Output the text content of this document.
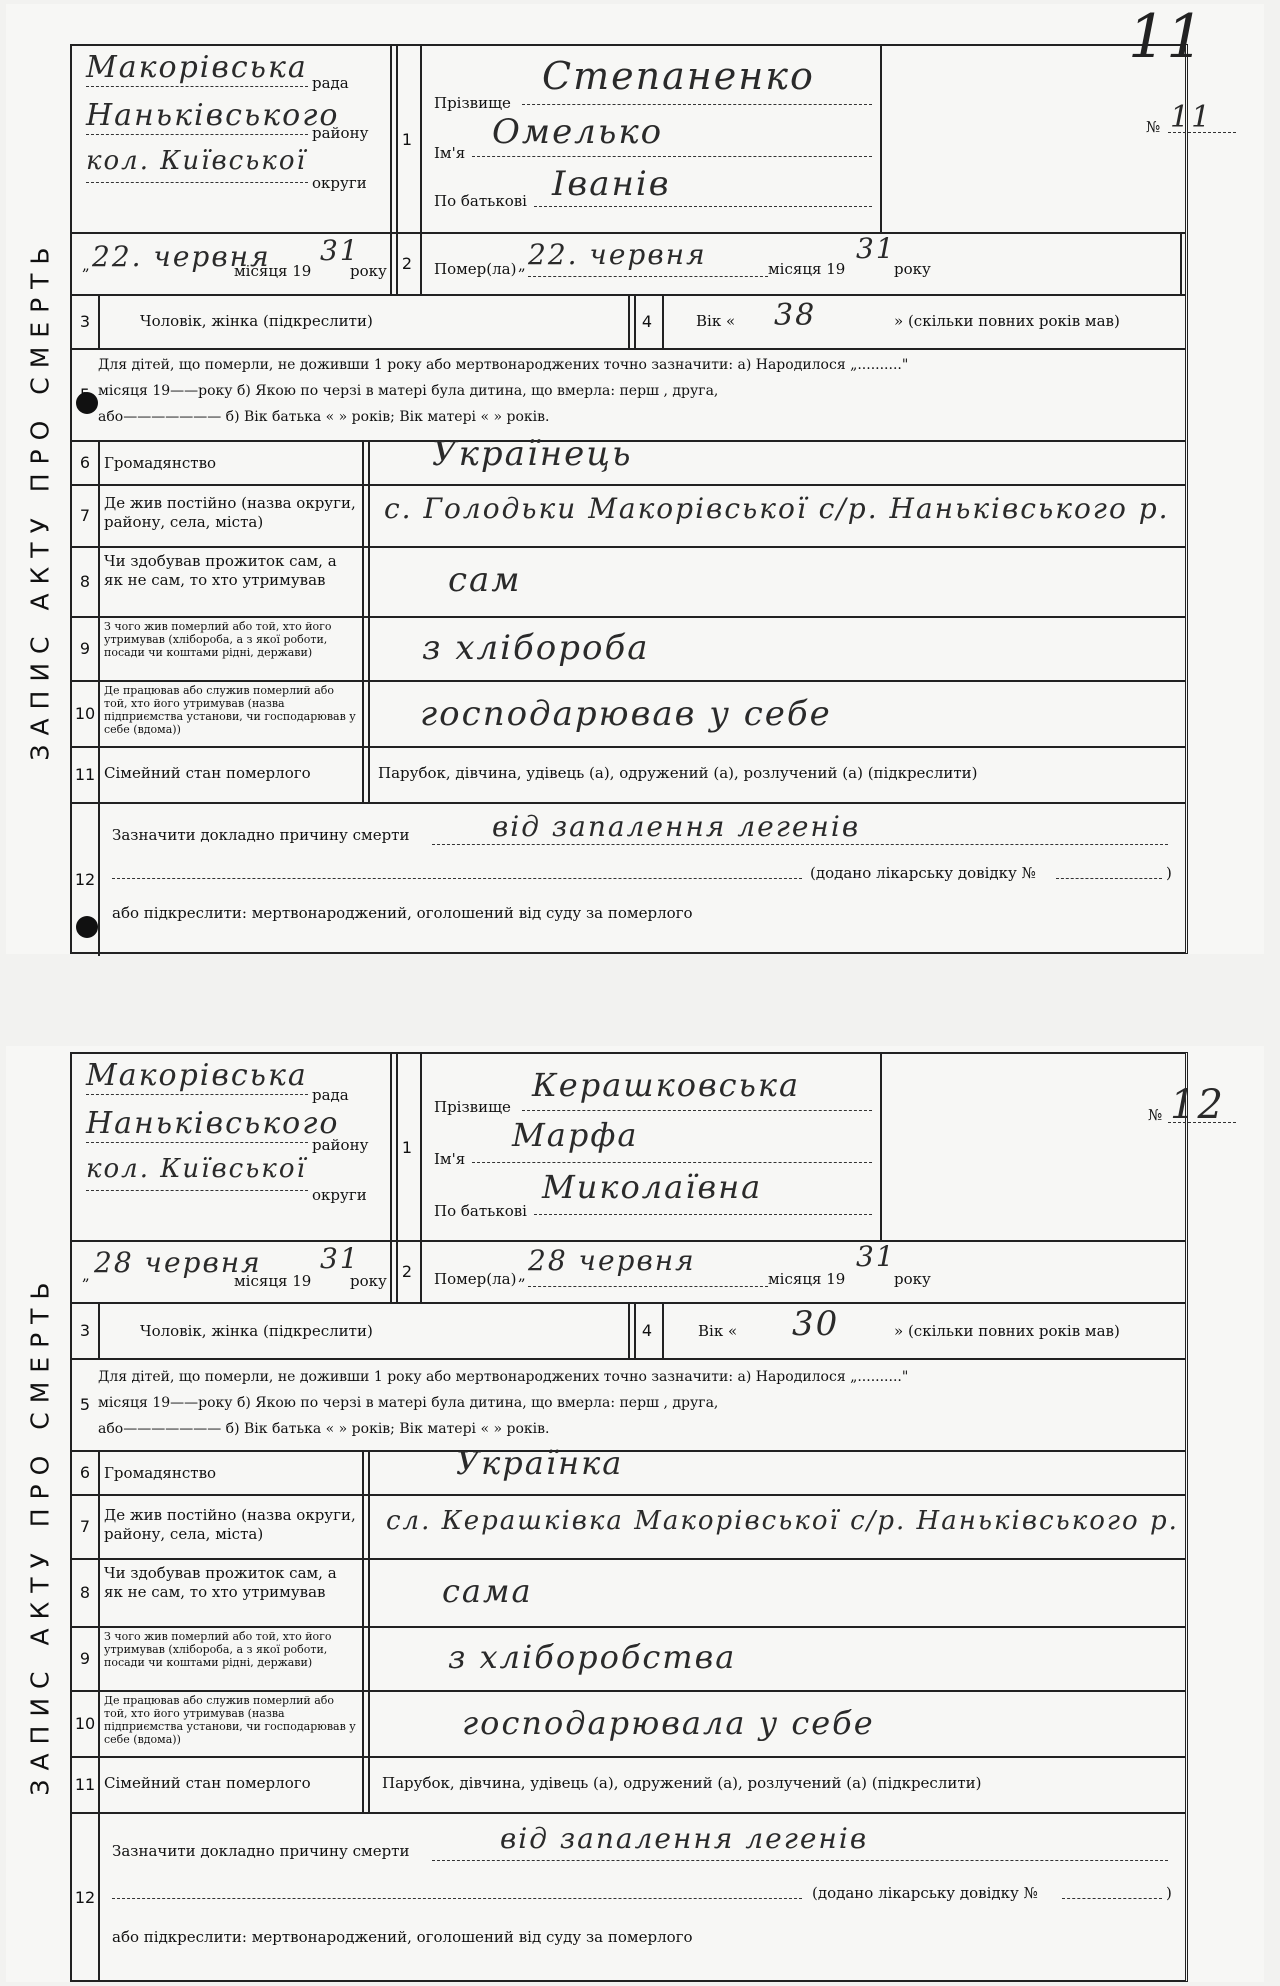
11
ЗАПИС АКТУ ПРО СМЕРТЬ
Макорівська рада
Наньківського
району
кол. Київської
округи
1
Прізвище
Степаненко
Ім'я
Омелько
По батькові Іванів
№ 11
„ 22. червня
місяця 19
31
року 2	Помер(ла) „ 22. червня	місяця 19
31
року
3	Чоловік, жінка (підкреслити)	4	Вік « 38	» (скільки повних років мав)
5
Для дітей, що померли, не доживши 1 року або мертвонароджених точно зазначити: а) Народилося „.........."
місяця 19——року б) Якою по черзі в матері була дитина, що вмерла: перш , друга,
або——————— б) Вік батька « » років; Вік матері « » років.
6 Громадянство	Українець
7
Де жив постійно (назва округи, району, села, міста)	с. Голодьки Макорівської с/р. Наньківського р.
8
Чи здобував прожиток сам, а як не сам, то хто утримував	сам
9
З чого жив померлий або той, хто його утримував (хлібороба, а з якої роботи, посади чи коштами рідні, держави)	з хлібороба
10
Де працював або служив померлий або той, хто його утримував (назва підприємства установи, чи господарював у себе (вдома))	господарював у себе
11 Сімейний стан померлого	Парубок, дівчина, удівець (а), одружений (а), розлучений (а) (підкреслити)
12
Зазначити докладно причину смерти	від запалення легенів
(додано лікарську довідку №	)
або підкреслити: мертвонароджений, оголошений від суду за померлого
ЗАПИС АКТУ ПРО СМЕРТЬ
Макорівська
рада
Наньківського
району
кол. Київської
округи
1
Прізвище
Керашковська
Ім'я
Марфа
По батькові
Миколаївна
№ 12
„ 28 червня
місяця 19
31
року
2	Помер(ла) „ 28 червня
місяця 19
31
року
3	Чоловік, жінка (підкреслити)	4	Вік « 30	» (скільки повних років мав)
5
Для дітей, що померли, не доживши 1 року або мертвонароджених точно зазначити: а) Народилося „.........."
місяця 19——року б) Якою по черзі в матері була дитина, що вмерла: перш , друга,
або——————— б) Вік батька « » років; Вік матері « » років.
6 Громадянство	Українка
7
Де жив постійно (назва округи, району, села, міста)	сл. Керашківка Макорівської с/р. Наньківського р.
8
Чи здобував прожиток сам, а як не сам, то хто утримував	сама
9
З чого жив померлий або той, хто його утримував (хлібороба, а з якої роботи, посади чи коштами рідні, держави)	з хліборобства
10
Де працював або служив померлий або той, хто його утримував (назва підприємства установи, чи господарював у себе (вдома))	господарювала у себе
11 Сімейний стан померлого	Парубок, дівчина, удівець (а), одружений (а), розлучений (а) (підкреслити)
12
Зазначити докладно причину смерти	від запалення легенів
(додано лікарську довідку №	)
або підкреслити: мертвонароджений, оголошений від суду за померлого
